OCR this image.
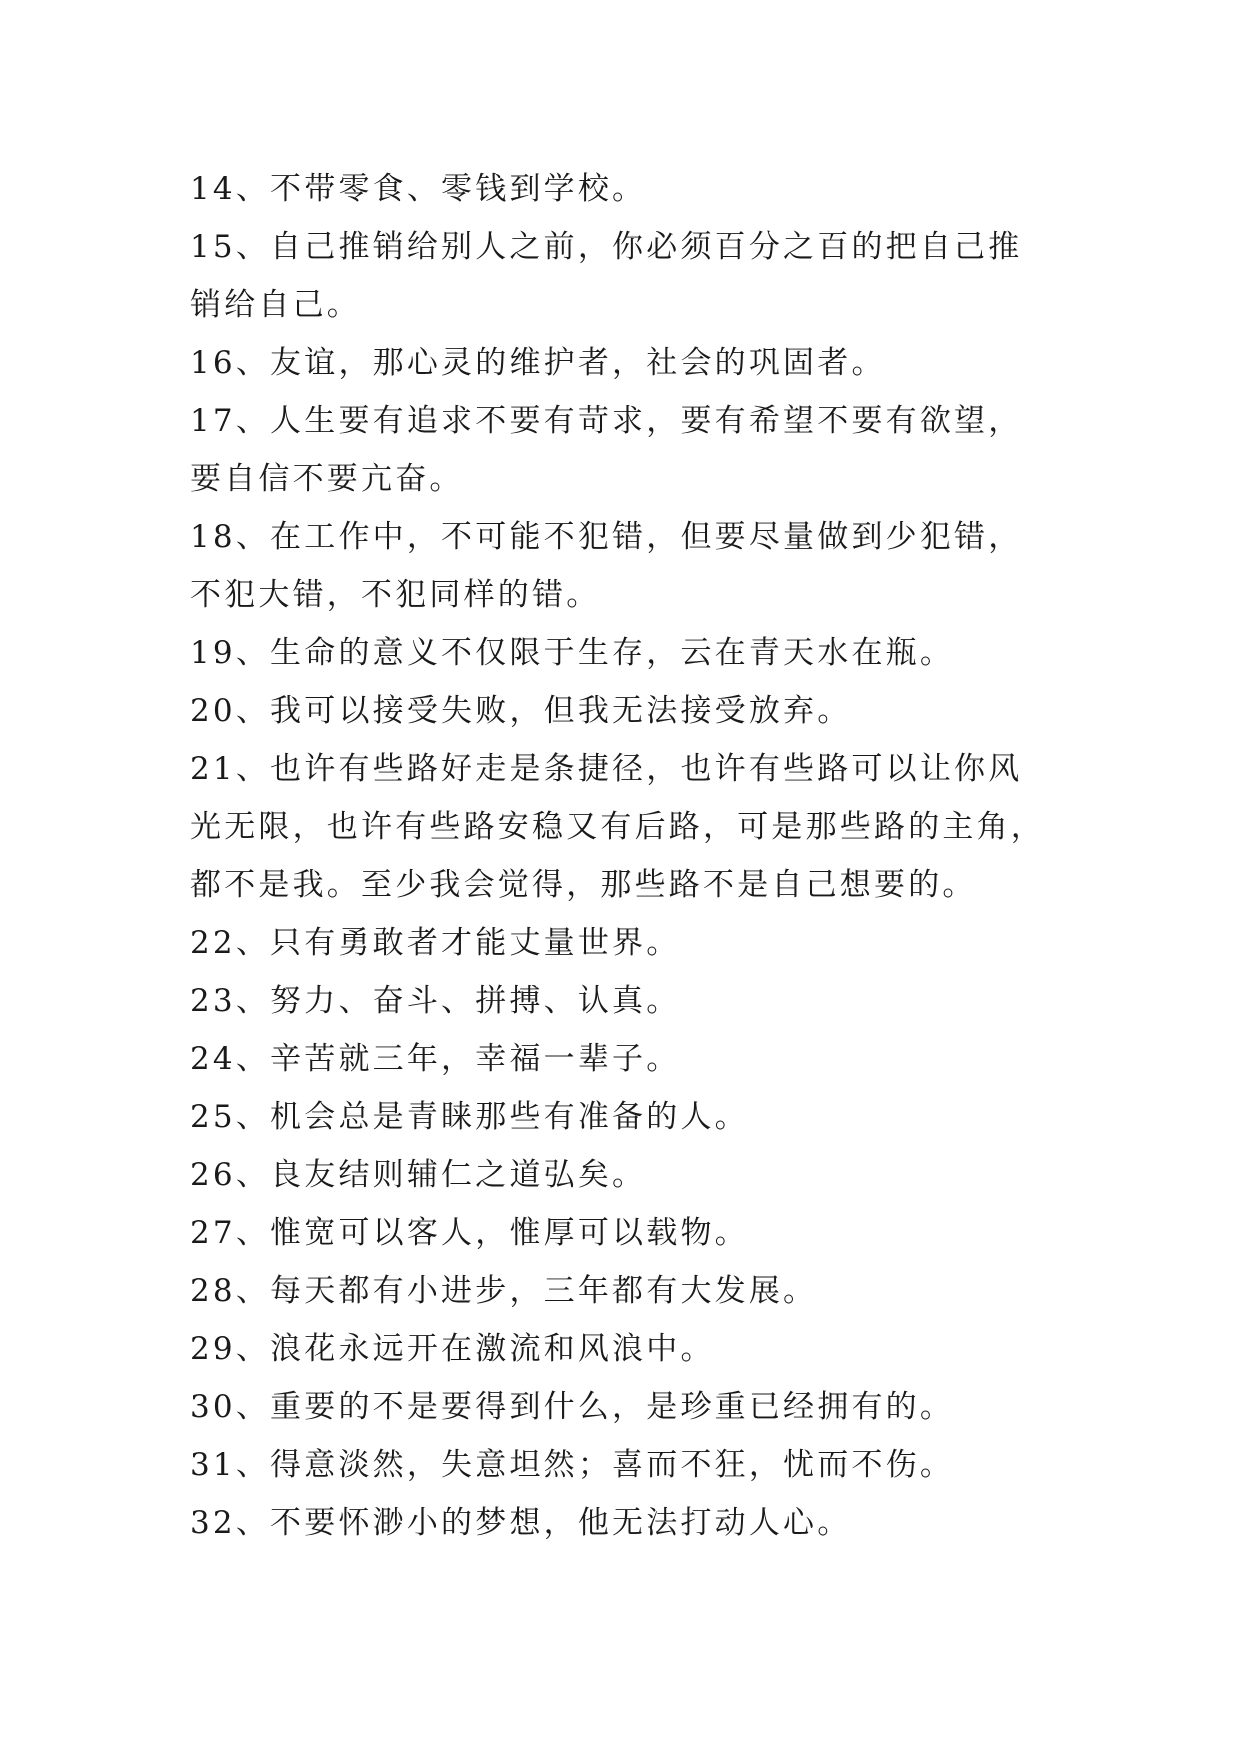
14、不带零食、零钱到学校。

15、自己推销给别人之前，你必须百分之百的把自己推销给自己。

16、友谊，那心灵的维护者，社会的巩固者。

17、人生要有追求不要有苛求，要有希望不要有欲望，要自信不要亢奋。

18、在工作中，不可能不犯错，但要尽量做到少犯错，不犯大错，不犯同样的错。

19、生命的意义不仅限于生存，云在青天水在瓶。

20、我可以接受失败，但我无法接受放弃。

21、也许有些路好走是条捷径，也许有些路可以让你风光无限，也许有些路安稳又有后路，可是那些路的主角，都不是我。至少我会觉得，那些路不是自己想要的。

22、只有勇敢者才能丈量世界。

23、努力、奋斗、拼搏、认真。

24、辛苦就三年，幸福一辈子。

25、机会总是青睐那些有准备的人。

26、良友结则辅仁之道弘矣。

27、惟宽可以客人，惟厚可以载物。

28、每天都有小进步，三年都有大发展。

29、浪花永远开在激流和风浪中。

30、重要的不是要得到什么，是珍重已经拥有的。

31、得意淡然，失意坦然；喜而不狂，忧而不伤。

32、不要怀渺小的梦想，他无法打动人心。
